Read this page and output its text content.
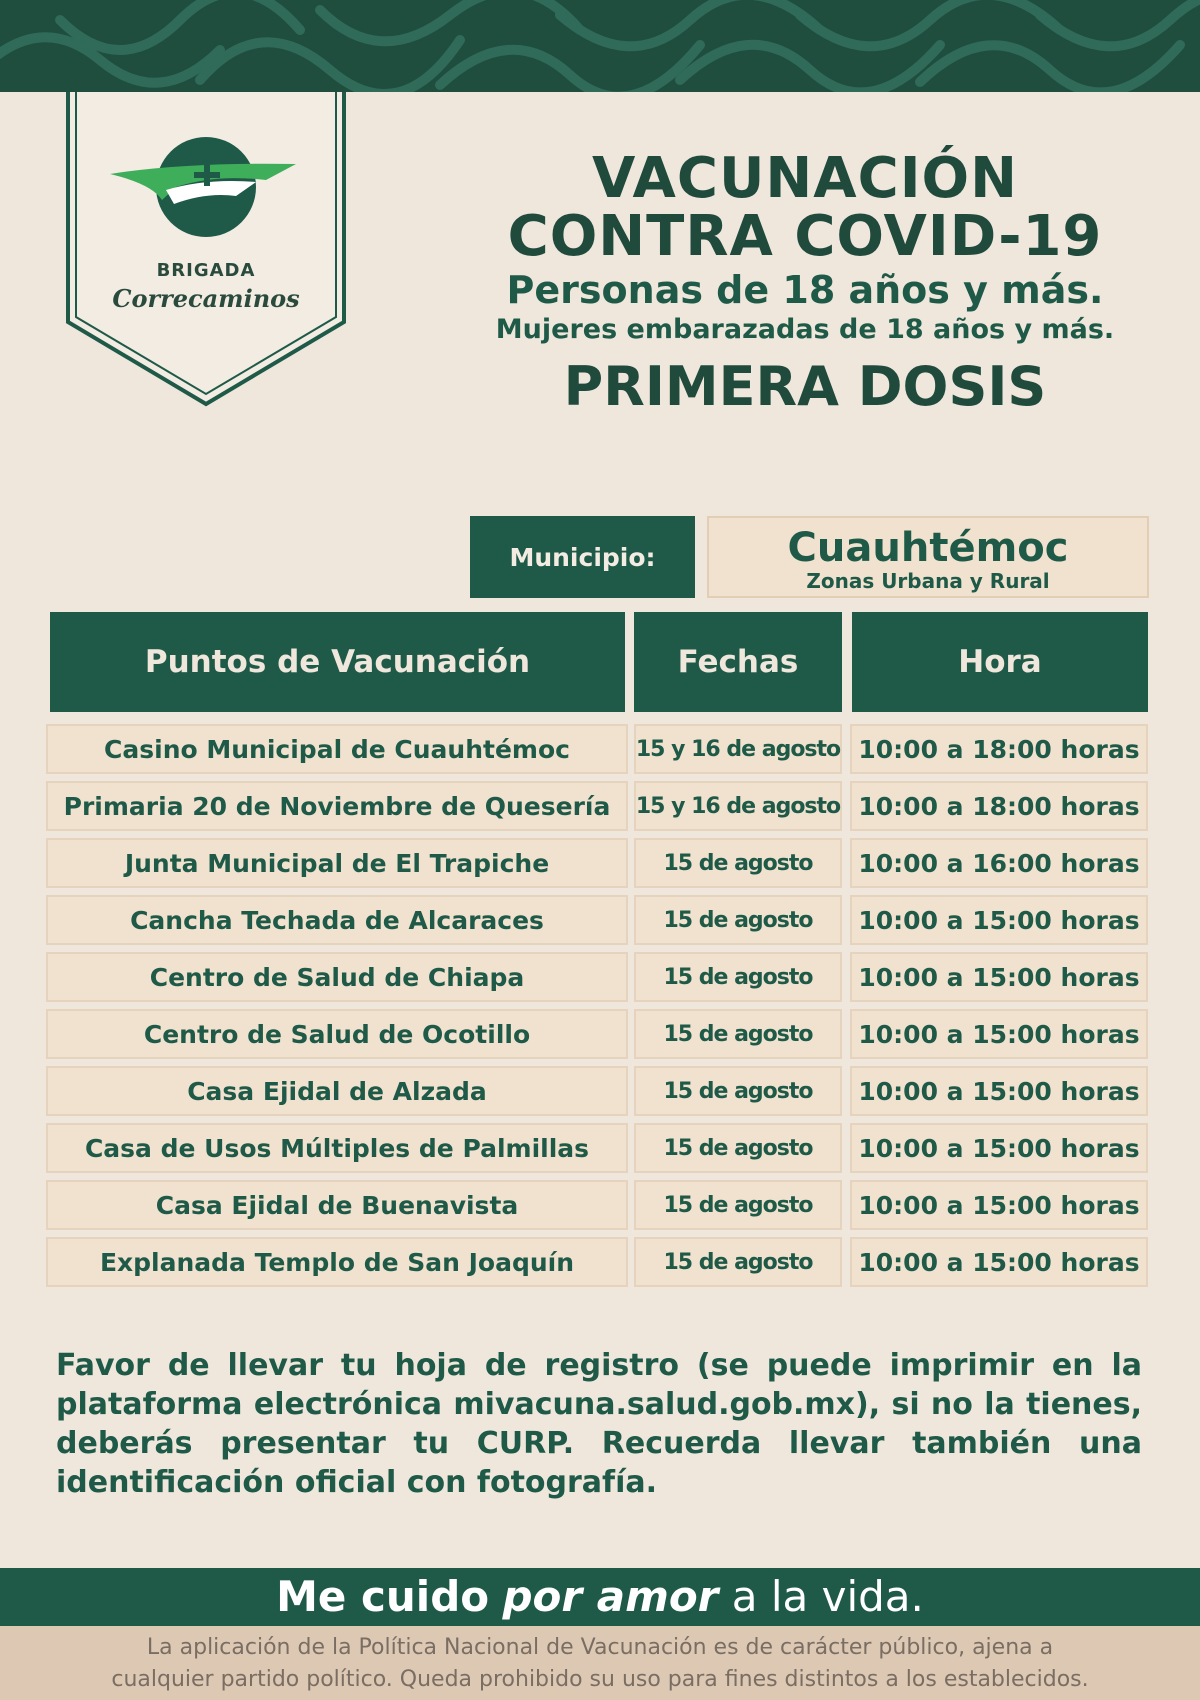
BRIGADA
Correcaminos
VACUNACIÓN
CONTRA COVID-19
Personas de 18 años y más.
Mujeres embarazadas de 18 años y más.
PRIMERA DOSIS
Municipio:	Cuauhtémoc
Zonas Urbana y Rural
Puntos de Vacunación	Fechas	Hora
Casino Municipal de Cuauhtémoc	15 y 16 de agosto 10:00 a 18:00 horas
Primaria 20 de Noviembre de Quesería	15 y 16 de agosto 10:00 a 18:00 horas
Junta Municipal de El Trapiche	15 de agosto	10:00 a 16:00 horas
Cancha Techada de Alcaraces	15 de agosto	10:00 a 15:00 horas
Centro de Salud de Chiapa	15 de agosto	10:00 a 15:00 horas
Centro de Salud de Ocotillo	15 de agosto	10:00 a 15:00 horas
Casa Ejidal de Alzada	15 de agosto	10:00 a 15:00 horas
Casa de Usos Múltiples de Palmillas	15 de agosto	10:00 a 15:00 horas
Casa Ejidal de Buenavista	15 de agosto	10:00 a 15:00 horas
Explanada Templo de San Joaquín	15 de agosto	10:00 a 15:00 horas
Favor de llevar tu hoja de registro (se puede imprimir en la plataforma electrónica mivacuna.salud.gob.mx), si no la tienes, deberás presentar tu CURP. Recuerda llevar también una identificación oficial con fotografía.
Me cuido por amor a la vida.
La aplicación de la Política Nacional de Vacunación es de carácter público, ajena a
cualquier partido político. Queda prohibido su uso para fines distintos a los establecidos.
